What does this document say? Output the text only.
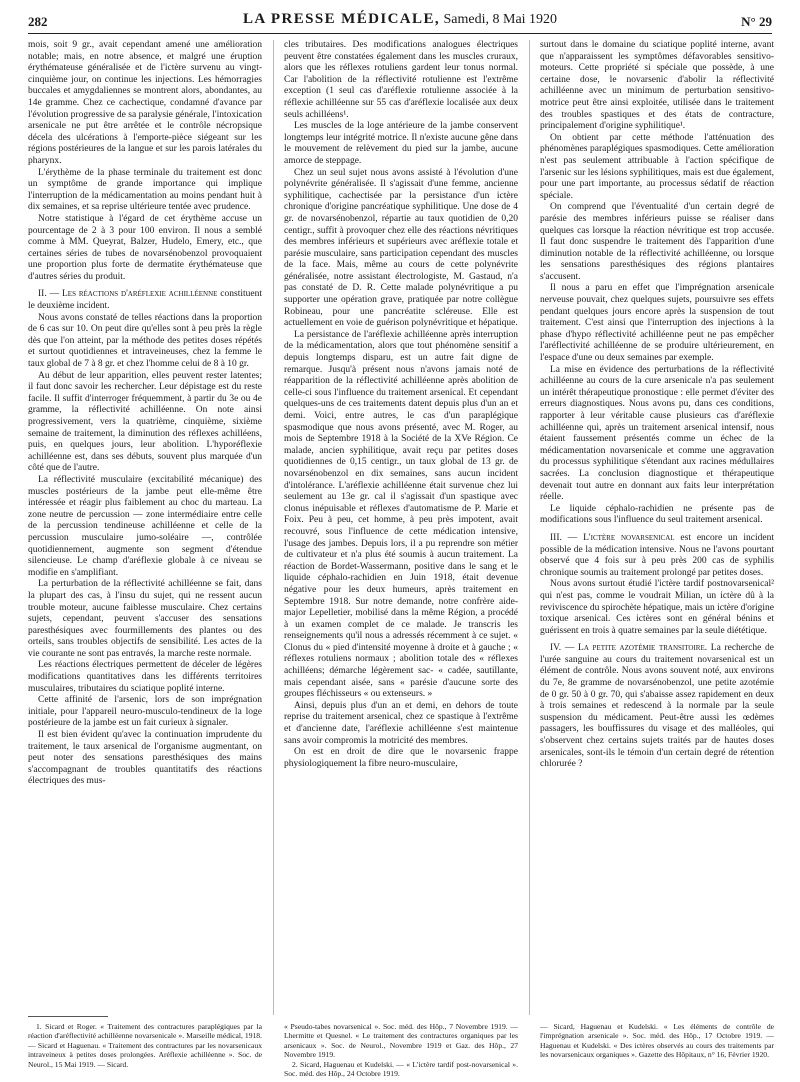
282	LA PRESSE MÉDICALE, Samedi, 8 Mai 1920	N° 29

mois, soit 9 gr., avait cependant amené une amélioration notable; mais, en notre absence, et malgré une éruption érythémateuse généralisée et de l'ictère survenu au vingt-cinquième jour, on continue les injections. Les hémorragies buccales et amygdaliennes se montrent alors, abondantes, au 14e gramme. Chez ce cachectique, condamné d'avance par l'évolution progressive de sa paralysie générale, l'intoxication arsenicale ne put être arrêtée et le contrôle nécropsique décela des ulcérations à l'emporte-pièce siégeant sur les régions postérieures de la langue et sur les parois latérales du pharynx.

L'érythème de la phase terminale du traitement est donc un symptôme de grande importance qui implique l'interruption de la médicamentation au moins pendant huit à dix semaines, et sa reprise ultérieure tentée avec prudence.

Notre statistique à l'égard de cet érythème accuse un pourcentage de 2 à 3 pour 100 environ. Il nous a semblé comme à MM. Queyrat, Balzer, Hudelo, Emery, etc., que certaines séries de tubes de novarsénobenzol provoquaient une proportion plus forte de dermatite érythémateuse que d'autres séries du produit.

II. — Les réactions d'aréflexie achilléenne constituent le deuxième incident.

Nous avons constaté de telles réactions dans la proportion de 6 cas sur 10. On peut dire qu'elles sont à peu près la règle dès que l'on atteint, par la méthode des petites doses répétés et surtout quotidiennes et intraveineuses, chez la femme le taux global de 7 à 8 gr. et chez l'homme celui de 8 à 10 gr.

Au début de leur apparition, elles peuvent rester latentes; il faut donc savoir les rechercher. Leur dépistage est du reste facile. Il suffit d'interroger fréquemment, à partir du 3e ou 4e gramme, la réflectivité achilléenne. On note ainsi progressivement, vers la quatrième, cinquième, sixième semaine de traitement, la diminution des réflexes achilléens, puis, en quelques jours, leur abolition. L'hyporéflexie achilléenne est, dans ses débuts, souvent plus marquée d'un côté que de l'autre.

La réflectivité musculaire (excitabilité mécanique) des muscles postérieurs de la jambe peut elle-même être intéressée et réagir plus faiblement au choc du marteau. La zone neutre de percussion — zone intermédiaire entre celle de la percussion tendineuse achilléenne et celle de la percussion musculaire jumo-soléaire —, contrôlée quotidiennement, augmente son segment d'étendue silencieuse. Le champ d'aréflexie globale à ce niveau se modifie en s'amplifiant.

La perturbation de la réflectivité achilléenne se fait, dans la plupart des cas, à l'insu du sujet, qui ne ressent aucun trouble moteur, aucune faiblesse musculaire. Chez certains sujets, cependant, peuvent s'accuser des sensations paresthésiques avec fourmillements des plantes ou des orteils, sans troubles objectifs de sensibilité. Les actes de la vie courante ne sont pas entravés, la marche reste normale.

Les réactions électriques permettent de déceler de légères modifications quantitatives dans les différents territoires musculaires, tributaires du sciatique poplité interne.

Cette affinité de l'arsenic, lors de son imprégnation initiale, pour l'appareil neuro-musculo-tendineux de la loge postérieure de la jambe est un fait curieux à signaler.

Il est bien évident qu'avec la continuation imprudente du traitement, le taux arsenical de l'organisme augmentant, on peut noter des sensations paresthésiques des mains s'accompagnant de troubles quantitatifs des réactions électriques des mus-

cles tributaires. Des modifications analogues électriques peuvent être constatées également dans les muscles cruraux, alors que les réflexes rotuliens gardent leur tonus normal. Car l'abolition de la réflectivité rotulienne est l'extrême exception (1 seul cas d'aréflexie rotulienne associée à la réflexie achilléenne sur 55 cas d'aréflexie localisée aux deux seuls achilléens¹.

Les muscles de la loge antérieure de la jambe conservent longtemps leur intégrité motrice. Il n'existe aucune gêne dans le mouvement de relèvement du pied sur la jambe, aucune amorce de steppage.

Chez un seul sujet nous avons assisté à l'évolution d'une polynévrite généralisée. Il s'agissait d'une femme, ancienne syphilitique, cachectisée par la persistance d'un ictère chronique d'origine pancréatique syphilitique. Une dose de 4 gr. de novarsénobenzol, répartie au taux quotidien de 0,20 centigr., suffit à provoquer chez elle des réactions névritiques des membres inférieurs et supérieurs avec aréflexie totale et parésie musculaire, sans participation cependant des muscles de la face. Mais, même au cours de cette polynévrite généralisée, notre assistant électrologiste, M. Gastaud, n'a pas constaté de D. R. Cette malade polynévritique a pu supporter une opération grave, pratiquée par notre collègue Robineau, pour une pancréatite scléreuse. Elle est actuellement en voie de guérison polynévritique et hépatique.

La persistance de l'aréflexie achilléenne après interruption de la médicamentation, alors que tout phénomène sensitif a depuis longtemps disparu, est un autre fait digne de remarque. Jusqu'à présent nous n'avons jamais noté de réapparition de la réflectivité achilléenne après abolition de celle-ci sous l'influence du traitement arsenical. Et cependant quelques-uns de ces traitements datent depuis plus d'un an et demi. Voici, entre autres, le cas d'un paraplégique spasmodique que nous avons présenté, avec M. Roger, au mois de Septembre 1918 à la Société de la XVe Région. Ce malade, ancien syphilitique, avait reçu par petites doses quotidiennes de 0,15 centigr., un taux global de 13 gr. de novarsénobenzol en dix semaines, sans aucun incident d'intolérance. L'aréflexie achilléenne était survenue chez lui seulement au 13e gr. cal il s'agissait d'un spastique avec clonus inépuisable et réflexes d'automatisme de P. Marie et Foix. Peu à peu, cet homme, à peu près impotent, avait recouvré, sous l'influence de cette médication intensive, l'usage des jambes. Depuis lors, il a pu reprendre son métier de cultivateur et n'a plus été soumis à aucun traitement. La réaction de Bordet-Wassermann, positive dans le sang et le liquide céphalo-rachidien en Juin 1918, était devenue négative pour les deux humeurs, après traitement en Septembre 1918. Sur notre demande, notre confrère aide-major Lepelletier, mobilisé dans la même Région, a procédé à un examen complet de ce malade. Je transcris les renseignements qu'il nous a adressés récemment à ce sujet. « Clonus du « pied d'intensité moyenne à droite et à gauche ; « réflexes rotuliens normaux ; abolition totale des « réflexes achilléens; démarche légèrement sac- « cadée, sautillante, mais cependant aisée, sans « parésie d'aucune sorte des groupes fléchisseurs « ou extenseurs. »

Ainsi, depuis plus d'un an et demi, en dehors de toute reprise du traitement arsenical, chez ce spastique à l'extrême et d'ancienne date, l'aréflexie achilléenne s'est maintenue sans avoir compromis la motricité des membres.

On est en droit de dire que le novarsenic frappe physiologiquement la fibre neuro-musculaire,

surtout dans le domaine du sciatique poplité interne, avant que n'apparaissent les symptômes défavorables sensitivo-moteurs. Cette propriété si spéciale que possède, à une certaine dose, le novarsenic d'abolir la réflectivité achilléenne avec un minimum de perturbation sensitivo-motrice peut être ainsi exploitée, utilisée dans le traitement des troubles spastiques et des états de contracture, principalement d'origine syphilitique¹.

On obtient par cette méthode l'atténuation des phénomènes paraplégiques spasmodiques. Cette amélioration n'est pas seulement attribuable à l'action spécifique de l'arsenic sur les lésions syphilitiques, mais est due également, pour une part importante, au processus sédatif de réaction spéciale.

On comprend que l'éventualité d'un certain degré de parésie des membres inférieurs puisse se réaliser dans quelques cas lorsque la réaction névritique est trop accusée. Il faut donc suspendre le traitement dès l'apparition d'une diminution notable de la réflectivité achilléenne, ou lorsque les sensations paresthésiques des régions plantaires s'accusent.

Il nous a paru en effet que l'imprégnation arsenicale nerveuse pouvait, chez quelques sujets, poursuivre ses effets pendant quelques jours encore après la suspension de tout traitement. C'est ainsi que l'interruption des injections à la phase d'hypo réflectivité achilléenne peut ne pas empêcher l'aréflectivité achilléenne de se produire ultérieurement, en l'espace d'une ou deux semaines par exemple.

La mise en évidence des perturbations de la réflectivité achilléenne au cours de la cure arsenicale n'a pas seulement un intérêt thérapeutique pronostique : elle permet d'éviter des erreurs diagnostiques. Nous avons pu, dans ces conditions, rapporter à leur véritable cause plusieurs cas d'aréflexie achilléenne qui, après un traitement arsenical intensif, nous étaient faussement présentés comme un échec de la médicamentation novarsenicale et comme une aggravation du processus syphilitique s'étendant aux racines médullaires sacrées. La conclusion diagnostique et thérapeutique devenait tout autre en donnant aux faits leur interprétation réelle.

Le liquide céphalo-rachidien ne présente pas de modifications sous l'influence du seul traitement arsenical.

III. — L'ictère novarsenical est encore un incident possible de la médication intensive. Nous ne l'avons pourtant observé que 4 fois sur à peu près 200 cas de syphilis chronique soumis au traitement prolongé par petites doses.

Nous avons surtout étudié l'ictère tardif postnovarsenical² qui n'est pas, comme le voudrait Milian, un ictère dû à la reviviscence du spirochète hépatique, mais un ictère d'origine toxique arsenical. Ces ictères sont en général bénins et guérissent en trois à quatre semaines par la seule diététique.

IV. — La petite azotémie transitoire. La recherche de l'urée sanguine au cours du traitement novarsenical est un élément de contrôle. Nous avons souvent noté, aux environs du 7e, 8e gramme de novarsénobenzol, une petite azotémie de 0 gr. 50 à 0 gr. 70, qui s'abaisse assez rapidement en deux à trois semaines et redescend à la normale par la seule suspension du médicament. Peut-être aussi les œdèmes passagers, les bouffissures du visage et des malléoles, qui s'observent chez certains sujets traités par de hautes doses arsenicales, sont-ils le témoin d'un certain degré de rétention chlorurée ?

1. Sicard et Roger. « Traitement des contractures paraplégiques par la réaction d'aréflectivité achilléenne novarsenicale ». Marseille médical, 1918. — Sicard et Haguenau. « Traitement des contractures par les novarsenicaux intraveineux à petites doses prolongées. Aréflexie achilléenne ». Soc. de Neurol., 15 Mai 1919. — Sicard.

« Pseudo-tabes novarsenical ». Soc. méd. des Hôp., 7 Novembre 1919. — Lhermitte et Quesnel. « Le traitement des contractures organiques par les arsenicaux ». Soc. de Neurol., Novembre 1919 et Gaz. des Hôp., 27 Novembre 1919.

2. Sicard, Haguenau et Kudelski. — « L'ictère tardif post-novarsenical ». Soc. méd. des Hôp., 24 Octobre 1919.

— Sicard, Haguenau et Kudelski. « Les éléments de contrôle de l'imprégnation arsenicale ». Soc. méd. des Hôp., 17 Octobre 1919. — Haguenau et Kudelski. « Des ictères observés au cours des traitements par les novarsenicaux organiques ». Gazette des Hôpitaux, n° 16, Février 1920.
